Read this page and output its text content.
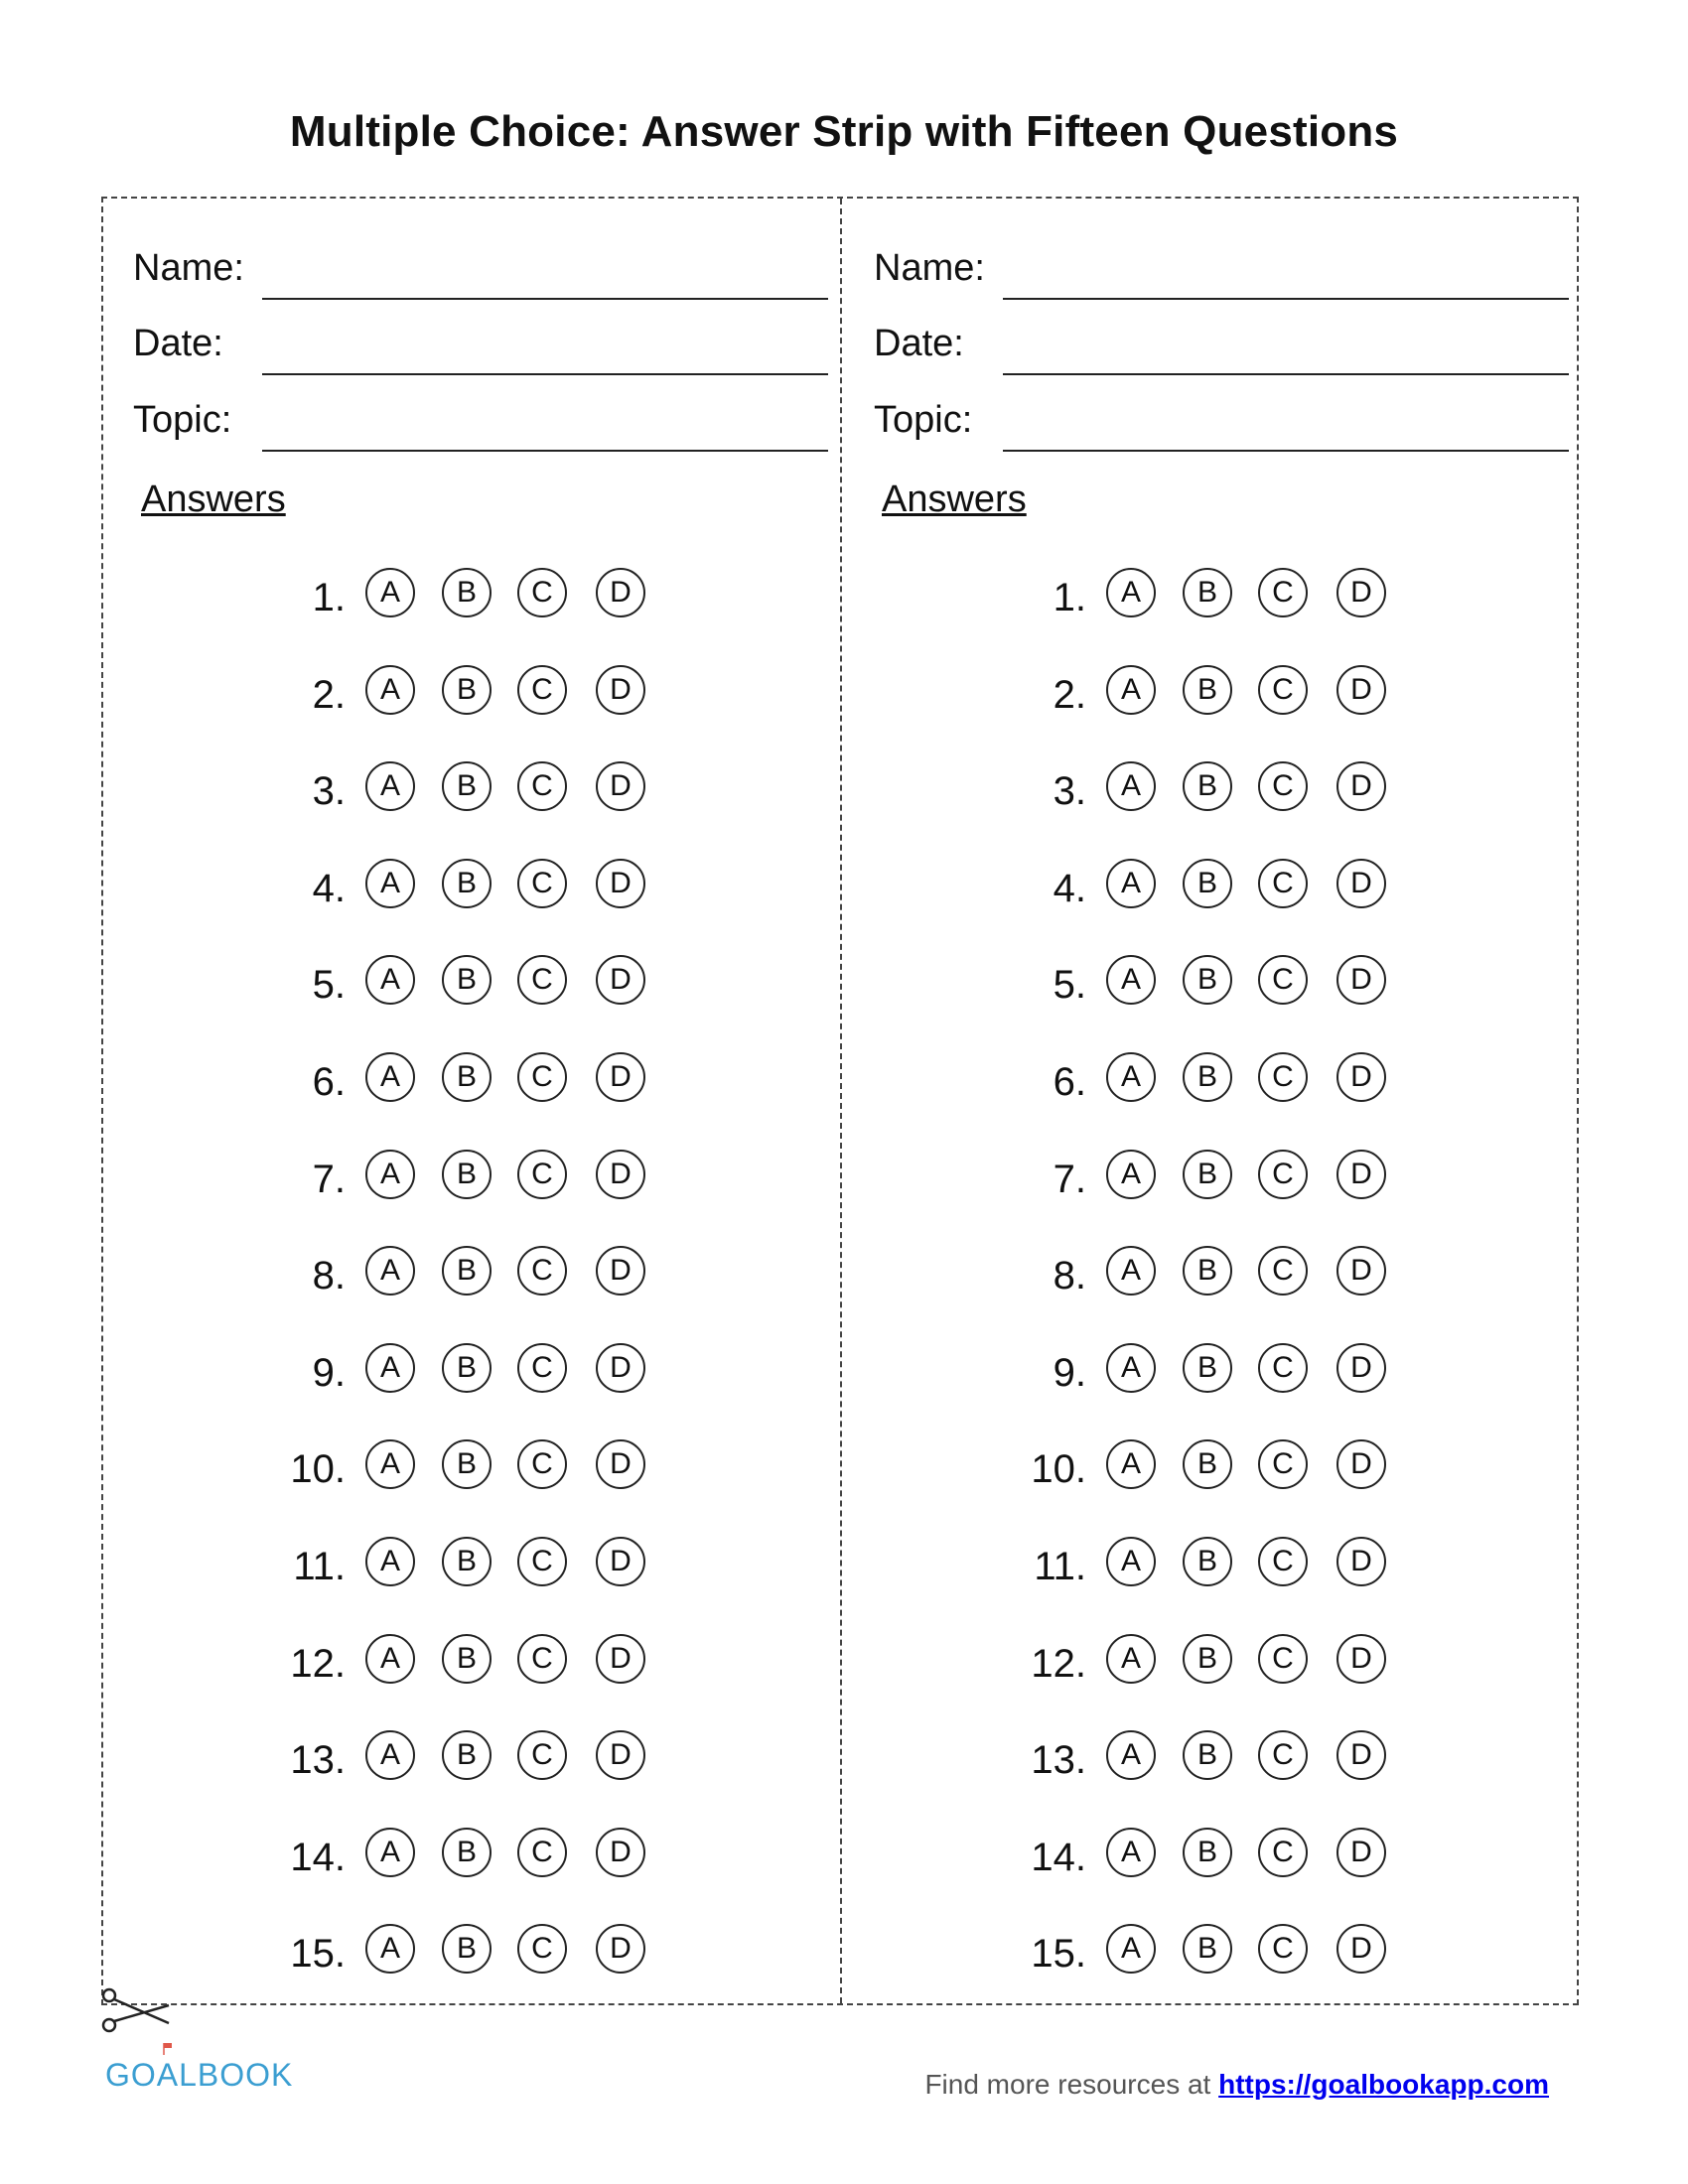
Multiple Choice: Answer Strip with Fifteen Questions
Name:
Date:
Topic:
Answers
1.	A	B	C	D
2.	A	B	C	D
3.	A	B	C	D
4.	A	B	C	D
5.	A	B	C	D
6.	A	B	C	D
7.	A	B	C	D
8.	A	B	C	D
9.	A	B	C	D
10.	A	B	C	D
11.	A	B	C	D
12.	A	B	C	D
13.	A	B	C	D
14.	A	B	C	D
15.	A	B	C	D
Name:
Date:
Topic:
Answers
1.	A	B	C	D
2.	A	B	C	D
3.	A	B	C	D
4.	A	B	C	D
5.	A	B	C	D
6.	A	B	C	D
7.	A	B	C	D
8.	A	B	C	D
9.	A	B	C	D
10.	A	B	C	D
11.	A	B	C	D
12.	A	B	C	D
13.	A	B	C	D
14.	A	B	C	D
15.	A	B	C	D
GOALBOOK	Find more resources at https://goalbookapp.com
